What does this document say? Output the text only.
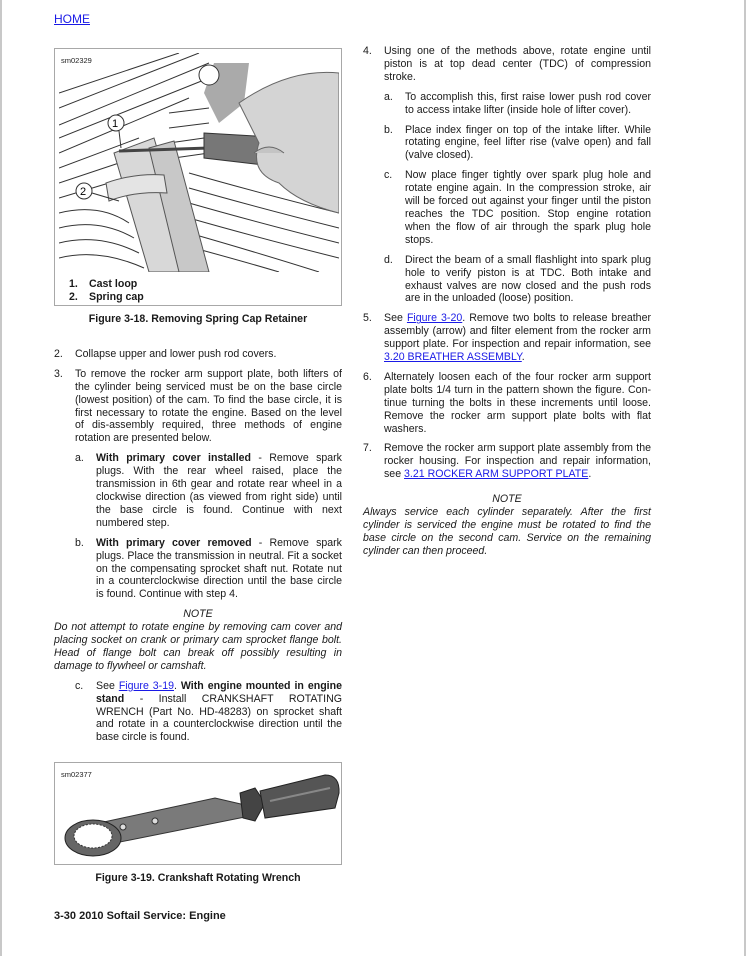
HOME
sm02329
1
2
1. Cast loop
2. Spring cap
Figure 3-18. Removing Spring Cap Retainer
2.	Collapse upper and lower push rod covers.
3.	To remove the rocker arm support plate, both lifters of the cylinder being serviced must be on the base circle (lowest position) of the cam. To find the base circle, it is first necessary to rotate the engine. Based on the level of dis-assembly required, three methods of engine rotation are presented below.
a.	With primary cover installed - Remove spark plugs. With the rear wheel raised, place the transmission in 6th gear and rotate rear wheel in a clockwise direction (as viewed from right side) until the base circle is found. Continue with next numbered step.
b.	With primary cover removed - Remove spark plugs. Place the transmission in neutral. Fit a socket on the compensating sprocket shaft nut. Rotate nut in a counterclockwise direction until the base circle is found. Continue with step 4.
NOTE
Do not attempt to rotate engine by removing cam cover and placing socket on crank or primary cam sprocket flange bolt. Head of flange bolt can break off possibly resulting in damage to flywheel or camshaft.
c.	See Figure 3-19. With engine mounted in engine stand - Install CRANKSHAFT ROTATING WRENCH (Part No. HD-48283) on sprocket shaft and rotate in a counterclockwise direction until the base circle is found.
sm02377
Figure 3-19. Crankshaft Rotating Wrench
4.	Using one of the methods above, rotate engine until piston is at top dead center (TDC) of compression stroke.
a.	To accomplish this, first raise lower push rod cover to access intake lifter (inside hole of lifter cover).
b.	Place index finger on top of the intake lifter. While rotating engine, feel lifter rise (valve open) and fall (valve closed).
c.	Now place finger tightly over spark plug hole and rotate engine again. In the compression stroke, air will be forced out against your finger until the piston reaches the TDC position. Stop engine rotation when the flow of air through the spark plug hole stops.
d.	Direct the beam of a small flashlight into spark plug hole to verify piston is at TDC. Both intake and exhaust valves are now closed and the push rods are in the unloaded (loose) position.
5.	See Figure 3-20. Remove two bolts to release breather assembly (arrow) and filter element from the rocker arm support plate. For inspection and repair information, see 3.20 BREATHER ASSEMBLY.
6.	Alternately loosen each of the four rocker arm support plate bolts 1/4 turn in the pattern shown the figure. Con-tinue turning the bolts in these increments until loose. Remove the rocker arm support plate bolts with flat washers.
7.	Remove the rocker arm support plate assembly from the rocker housing. For inspection and repair information, see 3.21 ROCKER ARM SUPPORT PLATE.
NOTE
Always service each cylinder separately. After the first cylinder is serviced the engine must be rotated to find the base circle on the second cam. Service on the remaining cylinder can then proceed.
3-30 2010 Softail Service: Engine
